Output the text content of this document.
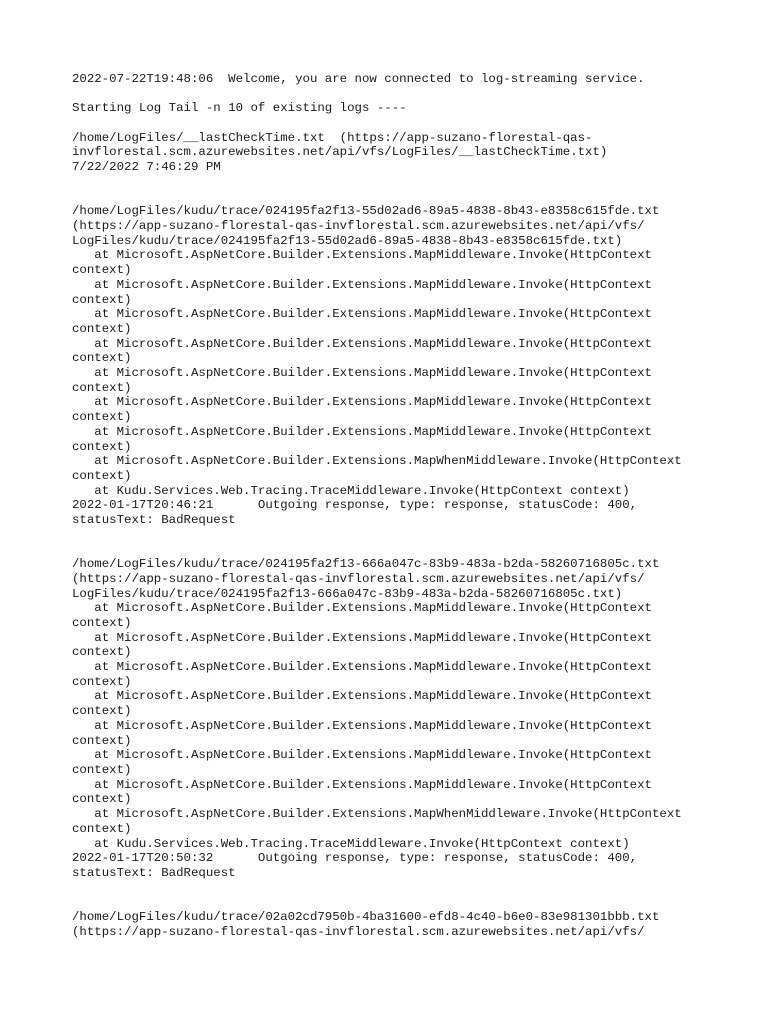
2022-07-22T19:48:06  Welcome, you are now connected to log-streaming service.
Starting Log Tail -n 10 of existing logs ----
/home/LogFiles/__lastCheckTime.txt  (https://app-suzano-florestal-qas-
invflorestal.scm.azurewebsites.net/api/vfs/LogFiles/__lastCheckTime.txt)
7/22/2022 7:46:29 PM
/home/LogFiles/kudu/trace/024195fa2f13-55d02ad6-89a5-4838-8b43-e8358c615fde.txt
(https://app-suzano-florestal-qas-invflorestal.scm.azurewebsites.net/api/vfs/
LogFiles/kudu/trace/024195fa2f13-55d02ad6-89a5-4838-8b43-e8358c615fde.txt)
at Microsoft.AspNetCore.Builder.Extensions.MapMiddleware.Invoke(HttpContext
context)
at Microsoft.AspNetCore.Builder.Extensions.MapMiddleware.Invoke(HttpContext
context)
at Microsoft.AspNetCore.Builder.Extensions.MapMiddleware.Invoke(HttpContext
context)
at Microsoft.AspNetCore.Builder.Extensions.MapMiddleware.Invoke(HttpContext
context)
at Microsoft.AspNetCore.Builder.Extensions.MapMiddleware.Invoke(HttpContext
context)
at Microsoft.AspNetCore.Builder.Extensions.MapMiddleware.Invoke(HttpContext
context)
at Microsoft.AspNetCore.Builder.Extensions.MapMiddleware.Invoke(HttpContext
context)
at Microsoft.AspNetCore.Builder.Extensions.MapWhenMiddleware.Invoke(HttpContext
context)
at Kudu.Services.Web.Tracing.TraceMiddleware.Invoke(HttpContext context)
2022-01-17T20:46:21      Outgoing response, type: response, statusCode: 400,
statusText: BadRequest
/home/LogFiles/kudu/trace/024195fa2f13-666a047c-83b9-483a-b2da-58260716805c.txt
(https://app-suzano-florestal-qas-invflorestal.scm.azurewebsites.net/api/vfs/
LogFiles/kudu/trace/024195fa2f13-666a047c-83b9-483a-b2da-58260716805c.txt)
at Microsoft.AspNetCore.Builder.Extensions.MapMiddleware.Invoke(HttpContext
context)
at Microsoft.AspNetCore.Builder.Extensions.MapMiddleware.Invoke(HttpContext
context)
at Microsoft.AspNetCore.Builder.Extensions.MapMiddleware.Invoke(HttpContext
context)
at Microsoft.AspNetCore.Builder.Extensions.MapMiddleware.Invoke(HttpContext
context)
at Microsoft.AspNetCore.Builder.Extensions.MapMiddleware.Invoke(HttpContext
context)
at Microsoft.AspNetCore.Builder.Extensions.MapMiddleware.Invoke(HttpContext
context)
at Microsoft.AspNetCore.Builder.Extensions.MapMiddleware.Invoke(HttpContext
context)
at Microsoft.AspNetCore.Builder.Extensions.MapWhenMiddleware.Invoke(HttpContext
context)
at Kudu.Services.Web.Tracing.TraceMiddleware.Invoke(HttpContext context)
2022-01-17T20:50:32      Outgoing response, type: response, statusCode: 400,
statusText: BadRequest
/home/LogFiles/kudu/trace/02a02cd7950b-4ba31600-efd8-4c40-b6e0-83e981301bbb.txt
(https://app-suzano-florestal-qas-invflorestal.scm.azurewebsites.net/api/vfs/
